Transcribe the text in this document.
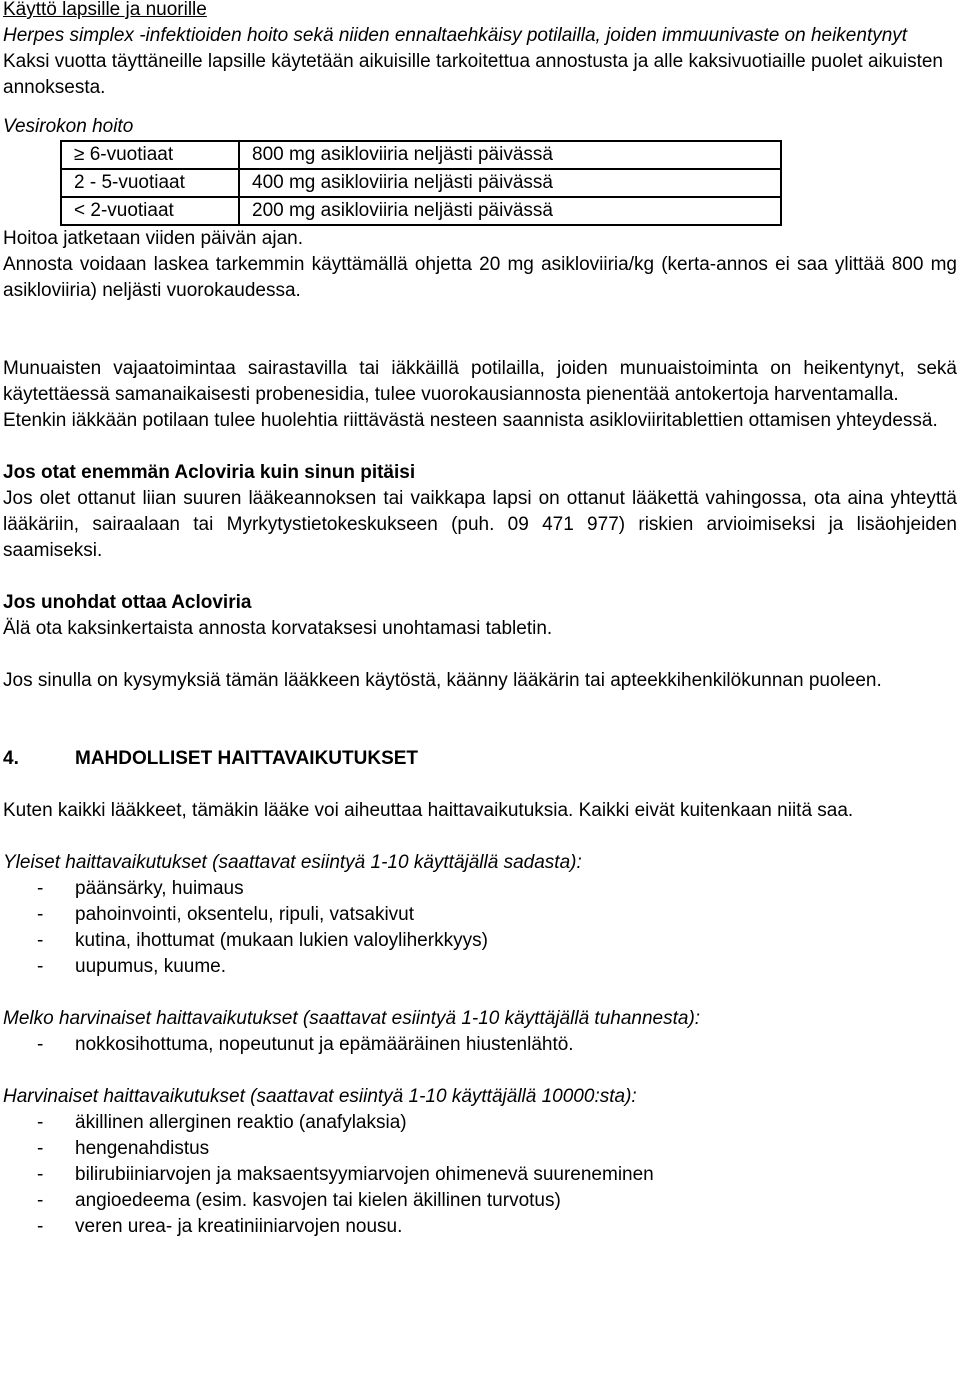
Käyttö lapsille ja nuorille

Herpes simplex -infektioiden hoito sekä niiden ennaltaehkäisy potilailla, joiden immuunivaste on heikentynyt

Kaksi vuotta täyttäneille lapsille käytetään aikuisille tarkoitettua annostusta ja alle kaksivuotiaille puolet aikuisten annoksesta.

Vesirokon hoito

≥ 6-vuotiaat	800 mg asikloviiria neljästi päivässä
2 - 5-vuotiaat	400 mg asikloviiria neljästi päivässä
< 2-vuotiaat	200 mg asikloviiria neljästi päivässä

Hoitoa jatketaan viiden päivän ajan.

Annosta voidaan laskea tarkemmin käyttämällä ohjetta 20 mg asikloviiria/kg (kerta-annos ei saa ylittää 800 mg asikloviiria) neljästi vuorokaudessa.

Munuaisten vajaatoimintaa sairastavilla tai iäkkäillä potilailla, joiden munuaistoiminta on heikentynyt, sekä käytettäessä samanaikaisesti probenesidia, tulee vuorokausiannosta pienentää antokertoja harventamalla.

Etenkin iäkkään potilaan tulee huolehtia riittävästä nesteen saannista asikloviiritablettien ottamisen yhteydessä.

Jos otat enemmän Acloviria kuin sinun pitäisi

Jos olet ottanut liian suuren lääkeannoksen tai vaikkapa lapsi on ottanut lääkettä vahingossa, ota aina yhteyttä lääkäriin, sairaalaan tai Myrkytystietokeskukseen (puh. 09 471 977) riskien arvioimiseksi ja lisäohjeiden saamiseksi.

Jos unohdat ottaa Acloviria

Älä ota kaksinkertaista annosta korvataksesi unohtamasi tabletin.

Jos sinulla on kysymyksiä tämän lääkkeen käytöstä, käänny lääkärin tai apteekkihenkilökunnan puoleen.

4.	MAHDOLLISET HAITTAVAIKUTUKSET

Kuten kaikki lääkkeet, tämäkin lääke voi aiheuttaa haittavaikutuksia. Kaikki eivät kuitenkaan niitä saa.

Yleiset haittavaikutukset (saattavat esiintyä 1-10 käyttäjällä sadasta):

- päänsärky, huimaus
- pahoinvointi, oksentelu, ripuli, vatsakivut
- kutina, ihottumat (mukaan lukien valoyliherkkyys)
- uupumus, kuume.

Melko harvinaiset haittavaikutukset (saattavat esiintyä 1-10 käyttäjällä tuhannesta):

- nokkosihottuma, nopeutunut ja epämääräinen hiustenlähtö.

Harvinaiset haittavaikutukset (saattavat esiintyä 1-10 käyttäjällä 10000:sta):

- äkillinen allerginen reaktio (anafylaksia)
- hengenahdistus
- bilirubiiniarvojen ja maksaentsyymiarvojen ohimenevä suureneminen
- angioedeema (esim. kasvojen tai kielen äkillinen turvotus)
- veren urea- ja kreatiniiniarvojen nousu.
